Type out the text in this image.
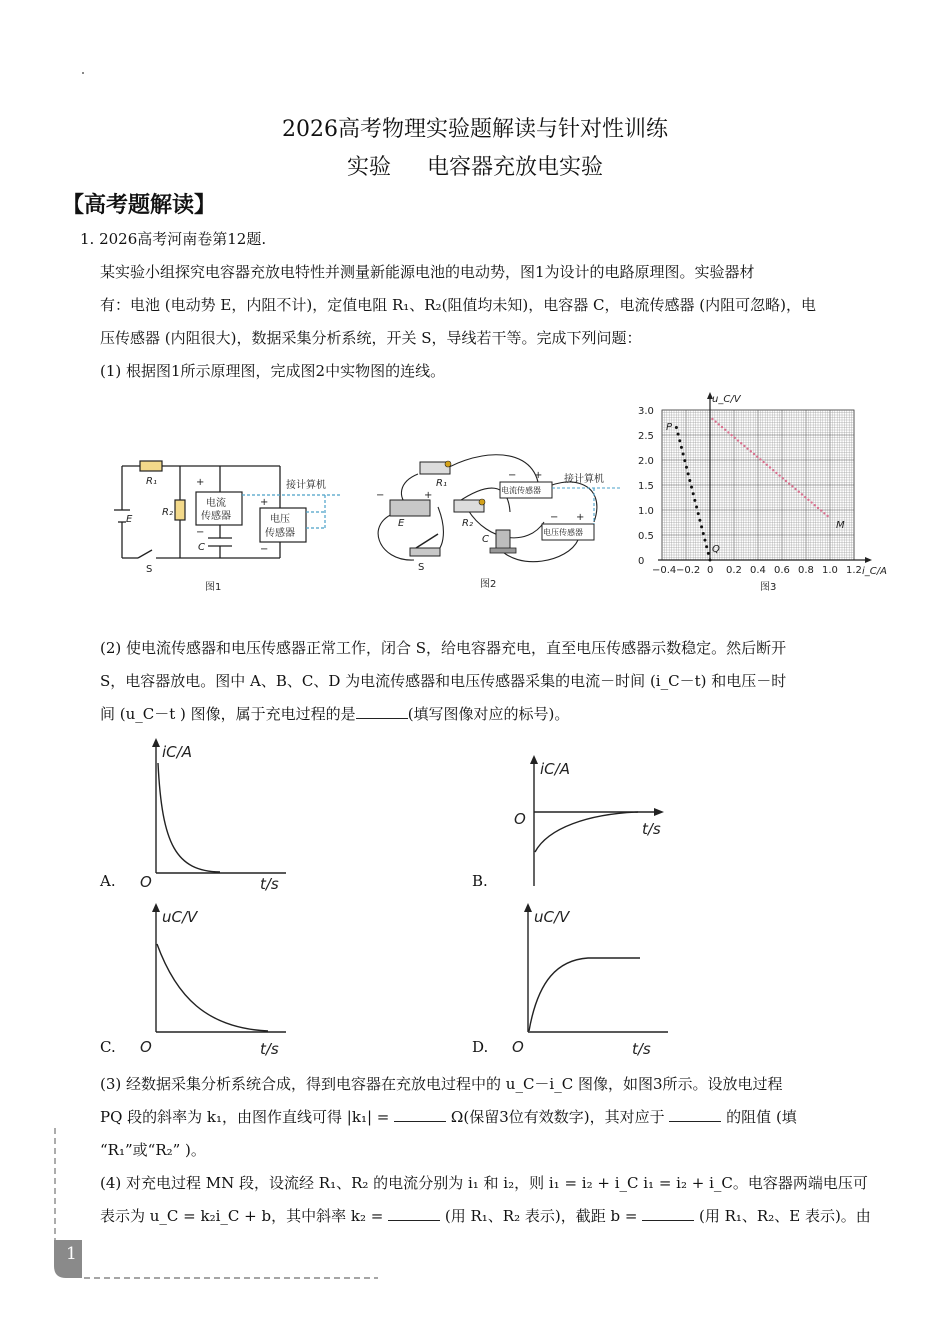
2026高考物理实验题解读与针对性训练
实验 电容器充放电实验
【高考题解读】
1. 2026高考河南卷第12题.
某实验小组探究电容器充放电特性并测量新能源电池的电动势，图1为设计的电路原理图。实验器材
有：电池 (电动势 E，内阻不计)，定值电阻 R₁、R₂(阻值均未知)，电容器 C，电流传感器 (内阻可忽略)，电
压传感器 (内阻很大)，数据采集分析系统，开关 S，导线若干等。完成下列问题：
(1) 根据图1所示原理图，完成图2中实物图的连线。
R₁
R₂
E
C
S
电流
传感器	电压
传感器
接计算机
+
−
+
−
图1
电流传感器
电压传感器
接计算机
R₁
R₂
E
C
S
图2
−	+
− +
− +
3.0
2.5
2.0
1.5
1.0
0.5
0
−0.4 −0.2 0 0.2 0.4 0.6 0.8 1.0 1.2
u_C/V
i_C/A
P
Q
M
图3
(2) 使电流传感器和电压传感器正常工作，闭合 S，给电容器充电，直至电压传感器示数稳定。然后断开
S，电容器放电。图中 A、B、C、D 为电流传感器和电压传感器采集的电流－时间 (i_C－t) 和电压－时
间 (u_C－t ) 图像，属于充电过程的是	(填写图像对应的标号)。
iC/A
O	t/s
A.
iC/A
O
t/s
B.
uC/V
O	t/s
C.
uC/V
O	t/s
D.
(3) 经数据采集分析系统合成，得到电容器在充放电过程中的 u_C－i_C 图像，如图3所示。设放电过程
PQ 段的斜率为 k₁，由图作直线可得 |k₁| =	Ω(保留3位有效数字)，其对应于	的阻值 (填
“R₁”或“R₂” )。
(4) 对充电过程 MN 段，设流经 R₁、R₂ 的电流分别为 i₁ 和 i₂，则 i₁ = i₂ + i_C i₁ = i₂ + i_C。电容器两端电压可
表示为 u_C = k₂i_C + b，其中斜率 k₂ =	(用 R₁、R₂ 表示)，截距 b =	(用 R₁、R₂、E 表示)。由
1
